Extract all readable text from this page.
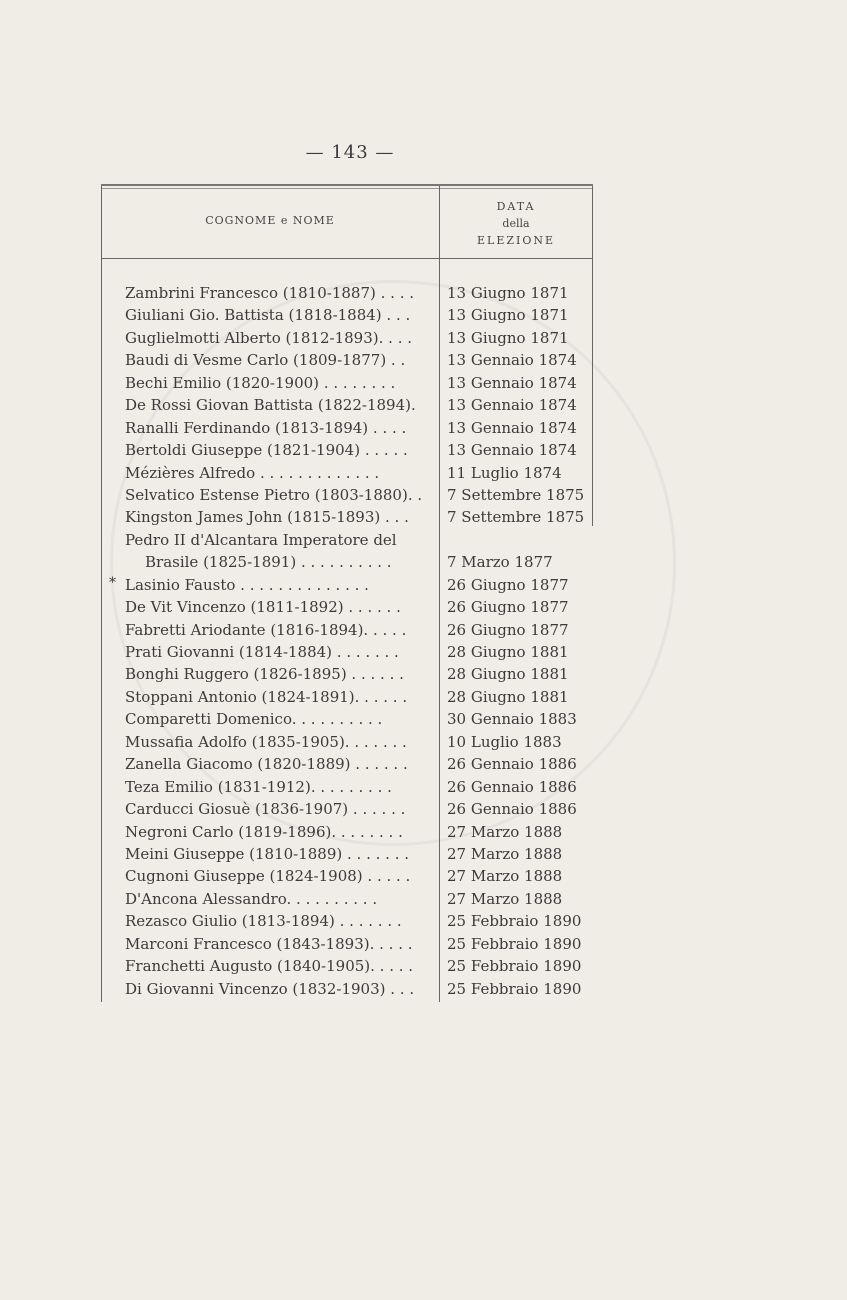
— 143 —
COGNOME e NOME
DATA
della
ELEZIONE
Zambrini Francesco (1810-1887) . . . .	13 Giugno 1871
Giuliani Gio. Battista (1818-1884) . . .	13 Giugno 1871
Guglielmotti Alberto (1812-1893). . . .	13 Giugno 1871
Baudi di Vesme Carlo (1809-1877) . .	13 Gennaio 1874
Bechi Emilio (1820-1900) . . . . . . . .	13 Gennaio 1874
De Rossi Giovan Battista (1822-1894).	13 Gennaio 1874
Ranalli Ferdinando (1813-1894) . . . .	13 Gennaio 1874
Bertoldi Giuseppe (1821-1904) . . . . .	13 Gennaio 1874
Mézières Alfredo . . . . . . . . . . . . .	11 Luglio 1874
Selvatico Estense Pietro (1803-1880). .	7 Settembre 1875
Kingston James John (1815-1893) . . .	7 Settembre 1875
Pedro II d'Alcantara Imperatore del
Brasile (1825-1891) . . . . . . . . . .	7 Marzo 1877
* Lasinio Fausto . . . . . . . . . . . . . .	26 Giugno 1877
De Vit Vincenzo (1811-1892) . . . . . .	26 Giugno 1877
Fabretti Ariodante (1816-1894). . . . .	26 Giugno 1877
Prati Giovanni (1814-1884) . . . . . . .	28 Giugno 1881
Bonghi Ruggero (1826-1895) . . . . . .	28 Giugno 1881
Stoppani Antonio (1824-1891). . . . . .	28 Giugno 1881
Comparetti Domenico. . . . . . . . . .	30 Gennaio 1883
Mussafia Adolfo (1835-1905). . . . . . .	10 Luglio 1883
Zanella Giacomo (1820-1889) . . . . . .	26 Gennaio 1886
Teza Emilio (1831-1912). . . . . . . . .	26 Gennaio 1886
Carducci Giosuè (1836-1907) . . . . . .	26 Gennaio 1886
Negroni Carlo (1819-1896). . . . . . . .	27 Marzo 1888
Meini Giuseppe (1810-1889) . . . . . . .	27 Marzo 1888
Cugnoni Giuseppe (1824-1908) . . . . .	27 Marzo 1888
D'Ancona Alessandro. . . . . . . . . .	27 Marzo 1888
Rezasco Giulio (1813-1894) . . . . . . .	25 Febbraio 1890
Marconi Francesco (1843-1893). . . . .	25 Febbraio 1890
Franchetti Augusto (1840-1905). . . . .	25 Febbraio 1890
Di Giovanni Vincenzo (1832-1903) . . .	25 Febbraio 1890
